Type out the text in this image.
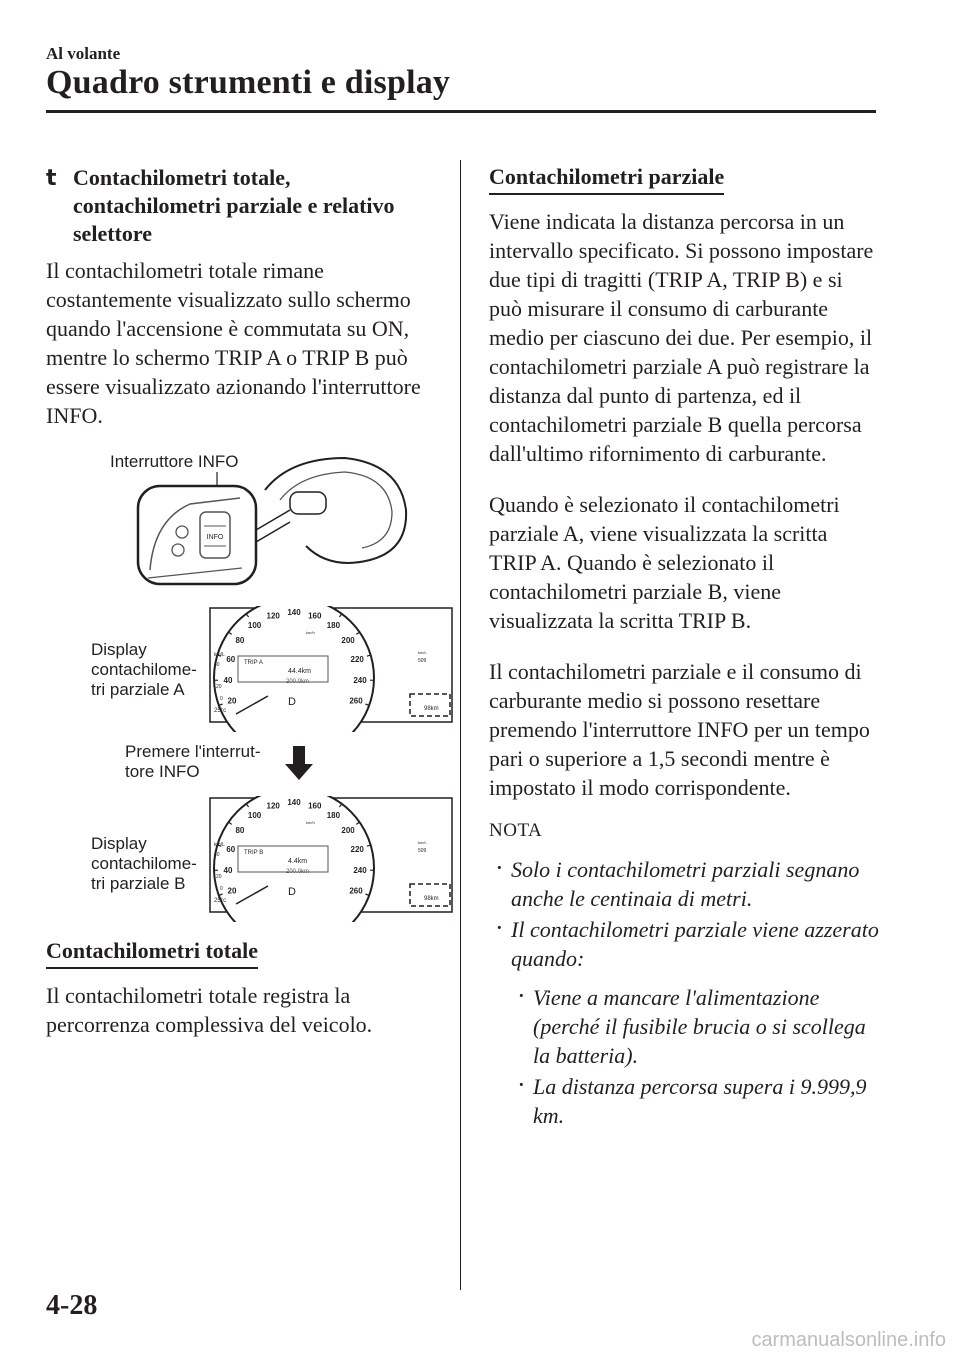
Al volante
Quadro strumenti e display
t Contachilometri totale, contachilometri parziale e relativo selettore
Il contachilometri totale rimane costantemente visualizzato sullo schermo quando l'accensione è commutata su ON, mentre lo schermo TRIP A o TRIP B può essere visualizzato azionando l'interruttore INFO.
Interruttore INFO
Display
contachilome-
tri parziale A
Premere l'interrut-
tore INFO
Display
contachilome-
tri parziale B
INFO
20
40
60
80
100
120 140 160
180
200
220
240
260
km/h
TRIP A
44.4km
200.0km
D
25°c
km/L
40
20
0
509
km/L
98km
20
40
60
80
100
120 140 160
180
200
220
240
260
km/h
TRIP B
4.4km
200.0km
D
25°c
km/L
40
20
0
509
km/L
98km
Contachilometri totale
Il contachilometri totale registra la percorrenza complessiva del veicolo.
Contachilometri parziale
Viene indicata la distanza percorsa in un intervallo specificato. Si possono impostare due tipi di tragitti (TRIP A, TRIP B) e si può misurare il consumo di carburante medio per ciascuno dei due. Per esempio, il contachilometri parziale A può registrare la distanza dal punto di partenza, ed il contachilometri parziale B quella percorsa dall'ultimo rifornimento di carburante.
Quando è selezionato il contachilometri parziale A, viene visualizzata la scritta TRIP A. Quando è selezionato il contachilometri parziale B, viene visualizzata la scritta TRIP B.
Il contachilometri parziale e il consumo di carburante medio si possono resettare premendo l'interruttore INFO per un tempo pari o superiore a 1,5 secondi mentre è impostato il modo corrispondente.
NOTA
· Solo i contachilometri parziali segnano anche le centinaia di metri.
· Il contachilometri parziale viene azzerato quando:
· Viene a mancare l'alimentazione (perché il fusibile brucia o si scollega la batteria).
· La distanza percorsa supera i 9.999,9 km.
4-28
carmanualsonline.info
